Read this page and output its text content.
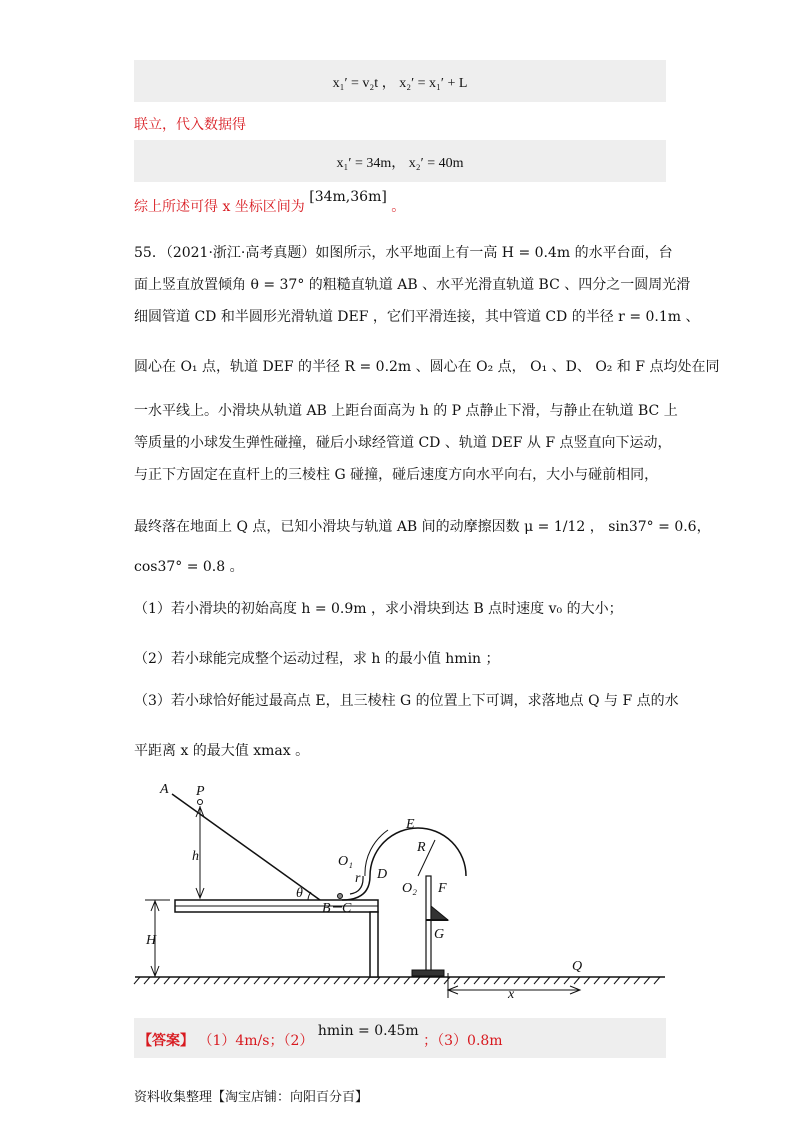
x₁′ = v₂t ， x₂′ = x₁′ + L
联立，代入数据得
x₁′ = 34m， x₂′ = 40m
综上所述可得 x 坐标区间为 [34m,36m] 。
55．（2021·浙江·高考真题）如图所示，水平地面上有一高 H = 0.4m 的水平台面，台
面上竖直放置倾角 θ = 37° 的粗糙直轨道 AB 、水平光滑直轨道 BC 、四分之一圆周光滑
细圆管道 CD 和半圆形光滑轨道 DEF ，它们平滑连接，其中管道 CD 的半径 r = 0.1m 、
圆心在 O₁ 点，轨道 DEF 的半径 R = 0.2m 、圆心在 O₂ 点， O₁ 、D、 O₂ 和 F 点均处在同
一水平线上。小滑块从轨道 AB 上距台面高为 h 的 P 点静止下滑，与静止在轨道 BC 上
等质量的小球发生弹性碰撞，碰后小球经管道 CD 、轨道 DEF 从 F 点竖直向下运动，
与正下方固定在直杆上的三棱柱 G 碰撞，碰后速度方向水平向右，大小与碰前相同，
最终落在地面上 Q 点，已知小滑块与轨道 AB 间的动摩擦因数 μ = 1/12 ， sin37° = 0.6，
cos37° = 0.8 。
（1）若小滑块的初始高度 h = 0.9m ，求小滑块到达 B 点时速度 v₀ 的大小；
（2）若小球能完成整个运动过程，求 h 的最小值 hmin ；
（3）若小球恰好能过最高点 E，且三棱柱 G 的位置上下可调，求落地点 Q 与 F 点的水
平距离 x 的最大值 xmax 。
H
A P
h
θ
B C
O₁
r D
E
R
O₂ F
G
x
Q
【答案】 （1）4m/s；（2） hmin = 0.45m ；（3）0.8m
资料收集整理【淘宝店铺：向阳百分百】
